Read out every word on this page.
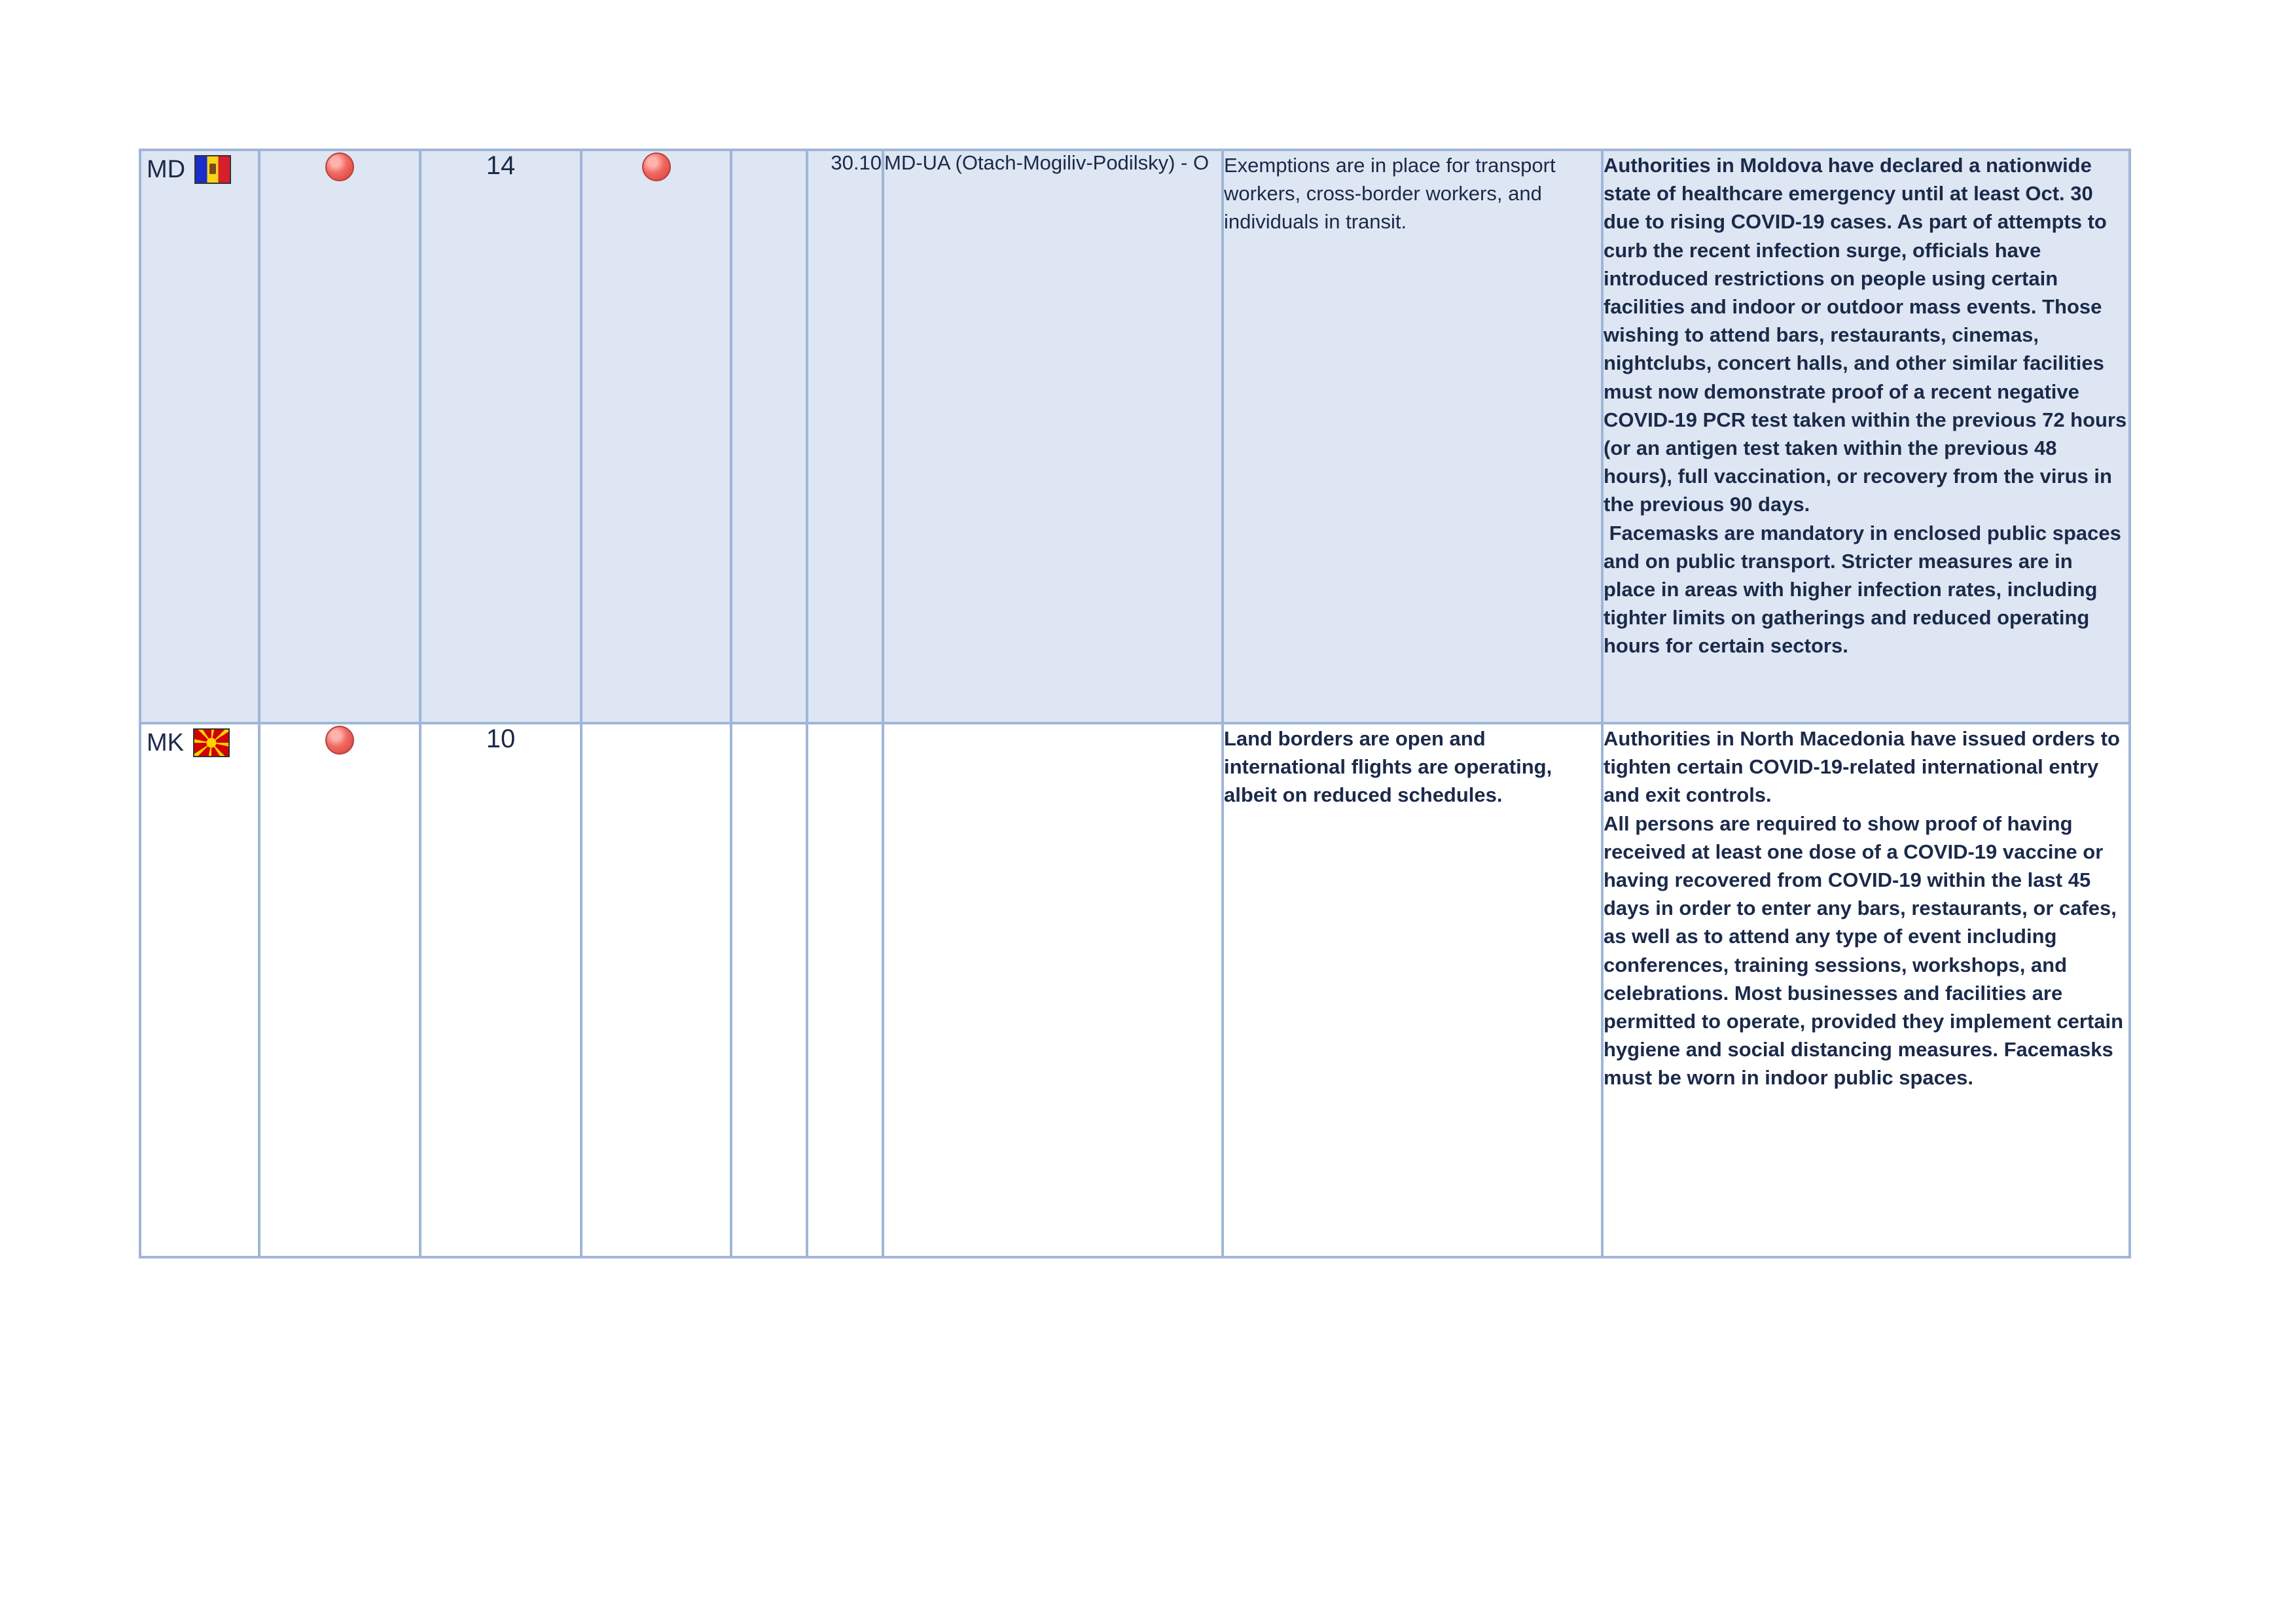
MD		14			30.10	MD-UA (Otach-Mogiliv-Podilsky) - O	Exemptions are in place for transport workers, cross-border workers, and individuals in transit.	Authorities in Moldova have declared a nationwide state of healthcare emergency until at least Oct. 30 due to rising COVID-19 cases. As part of attempts to curb the recent infection surge, officials have introduced restrictions on people using certain facilities and indoor or outdoor mass events. Those wishing to attend bars, restaurants, cinemas, nightclubs, concert halls, and other similar facilities must now demonstrate proof of a recent negative COVID-19 PCR test taken within the previous 72 hours (or an antigen test taken within the previous 48 hours), full vaccination, or recovery from the virus in the previous 90 days.

Facemasks are mandatory in enclosed public spaces and on public transport. Stricter measures are in place in areas with higher infection rates, including tighter limits on gatherings and reduced operating hours for certain sectors.

MK		10					Land borders are open and international flights are operating, albeit on reduced schedules.	Authorities in North Macedonia have issued orders to tighten certain COVID-19-related international entry and exit controls.

All persons are required to show proof of having received at least one dose of a COVID-19 vaccine or having recovered from COVID-19 within the last 45 days in order to enter any bars, restaurants, or cafes, as well as to attend any type of event including conferences, training sessions, workshops, and celebrations. Most businesses and facilities are permitted to operate, provided they implement certain hygiene and social distancing measures. Facemasks must be worn in indoor public spaces.
